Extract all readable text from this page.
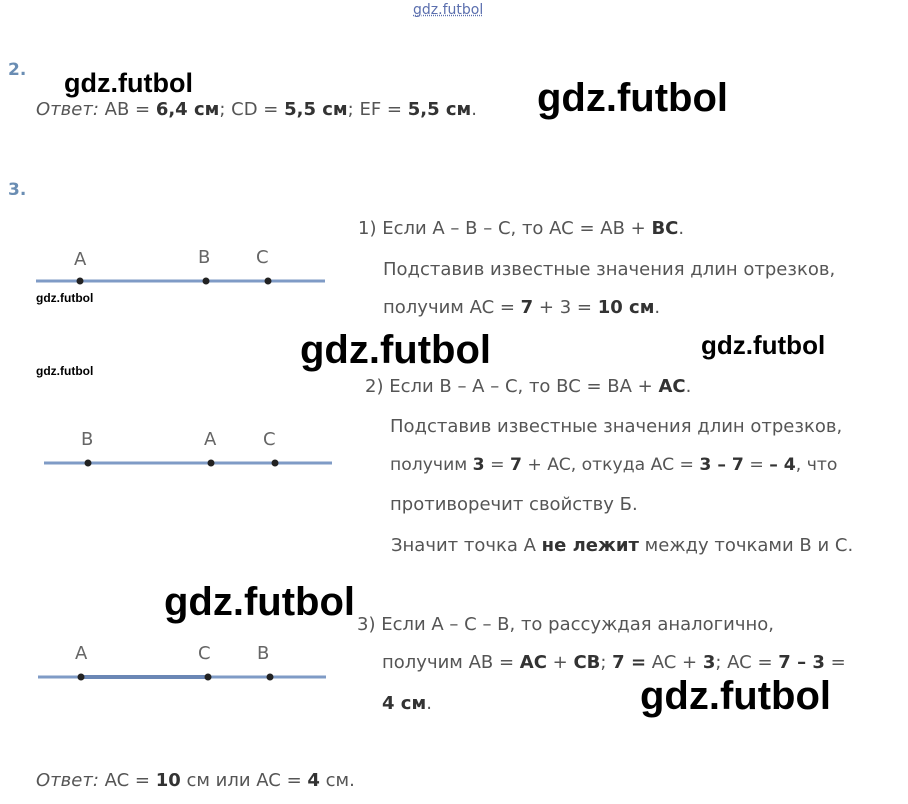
gdz.futbol
2.
Ответ: AB = 6,4 см; CD = 5,5 см; EF = 5,5 см.
3.
A	B	C
B	A	C
A	C	B
1) Если A – B – C, то AC = AB + BC.
Подставив известные значения длин отрезков,
получим AC = 7 + 3 = 10 см.
2) Если B – A – C, то BC = BA + AC.
Подставив известные значения длин отрезков,
получим 3 = 7 + AC, откуда AC = 3 – 7 = – 4, что
противоречит свойству Б.
Значит точка A не лежит между точками B и C.
3) Если A – C – B, то рассуждая аналогично,
получим AB = AC + CB; 7 = AC + 3; AC = 7 – 3 =
4 см.
Ответ: AC = 10 см или AC = 4 см.
gdz.futbol	gdz.futbol
gdz.futbol
gdz.futbol	gdz.futbol
gdz.futbol
gdz.futbol
gdz.futbol
